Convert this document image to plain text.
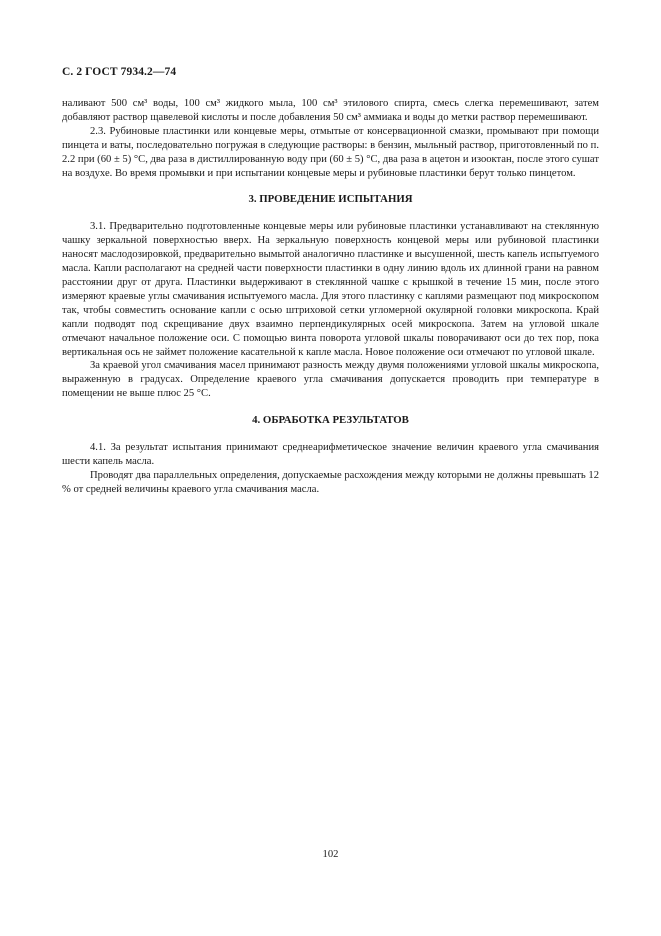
С. 2 ГОСТ 7934.2—74

наливают 500 см³ воды, 100 см³ жидкого мыла, 100 см³ этилового спирта, смесь слегка перемешивают, затем добавляют раствор щавелевой кислоты и после добавления 50 см³ аммиака и воды до метки раствор перемешивают.

2.3. Рубиновые пластинки или концевые меры, отмытые от консервационной смазки, промывают при помощи пинцета и ваты, последовательно погружая в следующие растворы: в бензин, мыльный раствор, приготовленный по п. 2.2 при (60 ± 5) °С, два раза в дистиллированную воду при (60 ± 5) °С, два раза в ацетон и изооктан, после этого сушат на воздухе. Во время промывки и при испытании концевые меры и рубиновые пластинки берут только пинцетом.

3. ПРОВЕДЕНИЕ ИСПЫТАНИЯ

3.1. Предварительно подготовленные концевые меры или рубиновые пластинки устанавливают на стеклянную чашку зеркальной поверхностью вверх. На зеркальную поверхность концевой меры или рубиновой пластинки наносят маслодозировкой, предварительно вымытой аналогично пластинке и высушенной, шесть капель испытуемого масла. Капли располагают на средней части поверхности пластинки в одну линию вдоль их длинной грани на равном расстоянии друг от друга. Пластинки выдерживают в стеклянной чашке с крышкой в течение 15 мин, после этого измеряют краевые углы смачивания испытуемого масла. Для этого пластинку с каплями размещают под микроскопом так, чтобы совместить основание капли с осью штриховой сетки угломерной окулярной головки микроскопа. Край капли подводят под скрещивание двух взаимно перпендикулярных осей микроскопа. Затем на угловой шкале отмечают начальное положение оси. С помощью винта поворота угловой шкалы поворачивают оси до тех пор, пока вертикальная ось не займет положение касательной к капле масла. Новое положение оси отмечают по угловой шкале.

За краевой угол смачивания масел принимают разность между двумя положениями угловой шкалы микроскопа, выраженную в градусах. Определение краевого угла смачивания допускается проводить при температуре в помещении не выше плюс 25 °С.

4. ОБРАБОТКА РЕЗУЛЬТАТОВ

4.1. За результат испытания принимают среднеарифметическое значение величин краевого угла смачивания шести капель масла.

Проводят два параллельных определения, допускаемые расхождения между которыми не должны превышать 12 % от средней величины краевого угла смачивания масла.

102
